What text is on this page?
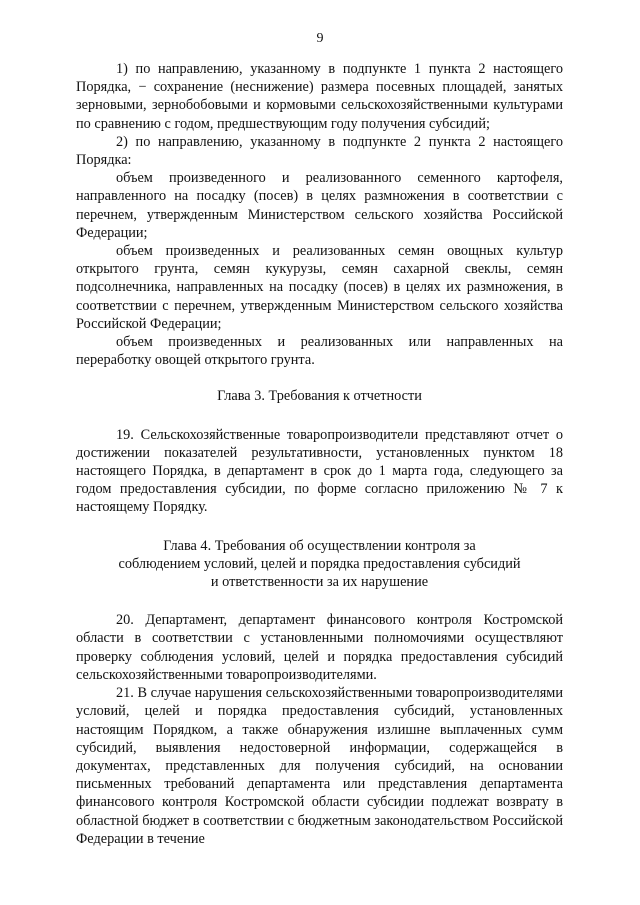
9

1) по направлению, указанному в подпункте 1 пункта 2 настоящего Порядка, − сохранение (неснижение) размера посевных площадей, занятых зерновыми, зернобобовыми и кормовыми сельскохозяйственными культурами по сравнению с годом, предшествующим году получения субсидий;

2) по направлению, указанному в подпункте 2 пункта 2 настоящего Порядка:

объем произведенного и реализованного семенного картофеля, направленного на посадку (посев) в целях размножения в соответствии с перечнем, утвержденным Министерством сельского хозяйства Российской Федерации;

объем произведенных и реализованных семян овощных культур открытого грунта, семян кукурузы, семян сахарной свеклы, семян подсолнечника, направленных на посадку (посев) в целях их размножения, в соответствии с перечнем, утвержденным Министерством сельского хозяйства Российской Федерации;

объем произведенных и реализованных или направленных на переработку овощей открытого грунта.

Глава 3. Требования к отчетности

19. Сельскохозяйственные товаропроизводители представляют отчет о достижении показателей результативности, установленных пунктом 18 настоящего Порядка, в департамент в срок до 1 марта года, следующего за годом предоставления субсидии, по форме согласно приложению № 7 к настоящему Порядку.

Глава 4. Требования об осуществлении контроля за

соблюдением условий, целей и порядка предоставления субсидий

и ответственности за их нарушение

20. Департамент, департамент финансового контроля Костромской области в соответствии с установленными полномочиями осуществляют проверку соблюдения условий, целей и порядка предоставления субсидий сельскохозяйственными товаропроизводителями.

21. В случае нарушения сельскохозяйственными товаропроизводителями условий, целей и порядка предоставления субсидий, установленных настоящим Порядком, а также обнаружения излишне выплаченных сумм субсидий, выявления недостоверной информации, содержащейся в документах, представленных для получения субсидий, на основании письменных требований департамента или представления департамента финансового контроля Костромской области субсидии подлежат возврату в областной бюджет в соответствии с бюджетным законодательством Российской Федерации в течение
